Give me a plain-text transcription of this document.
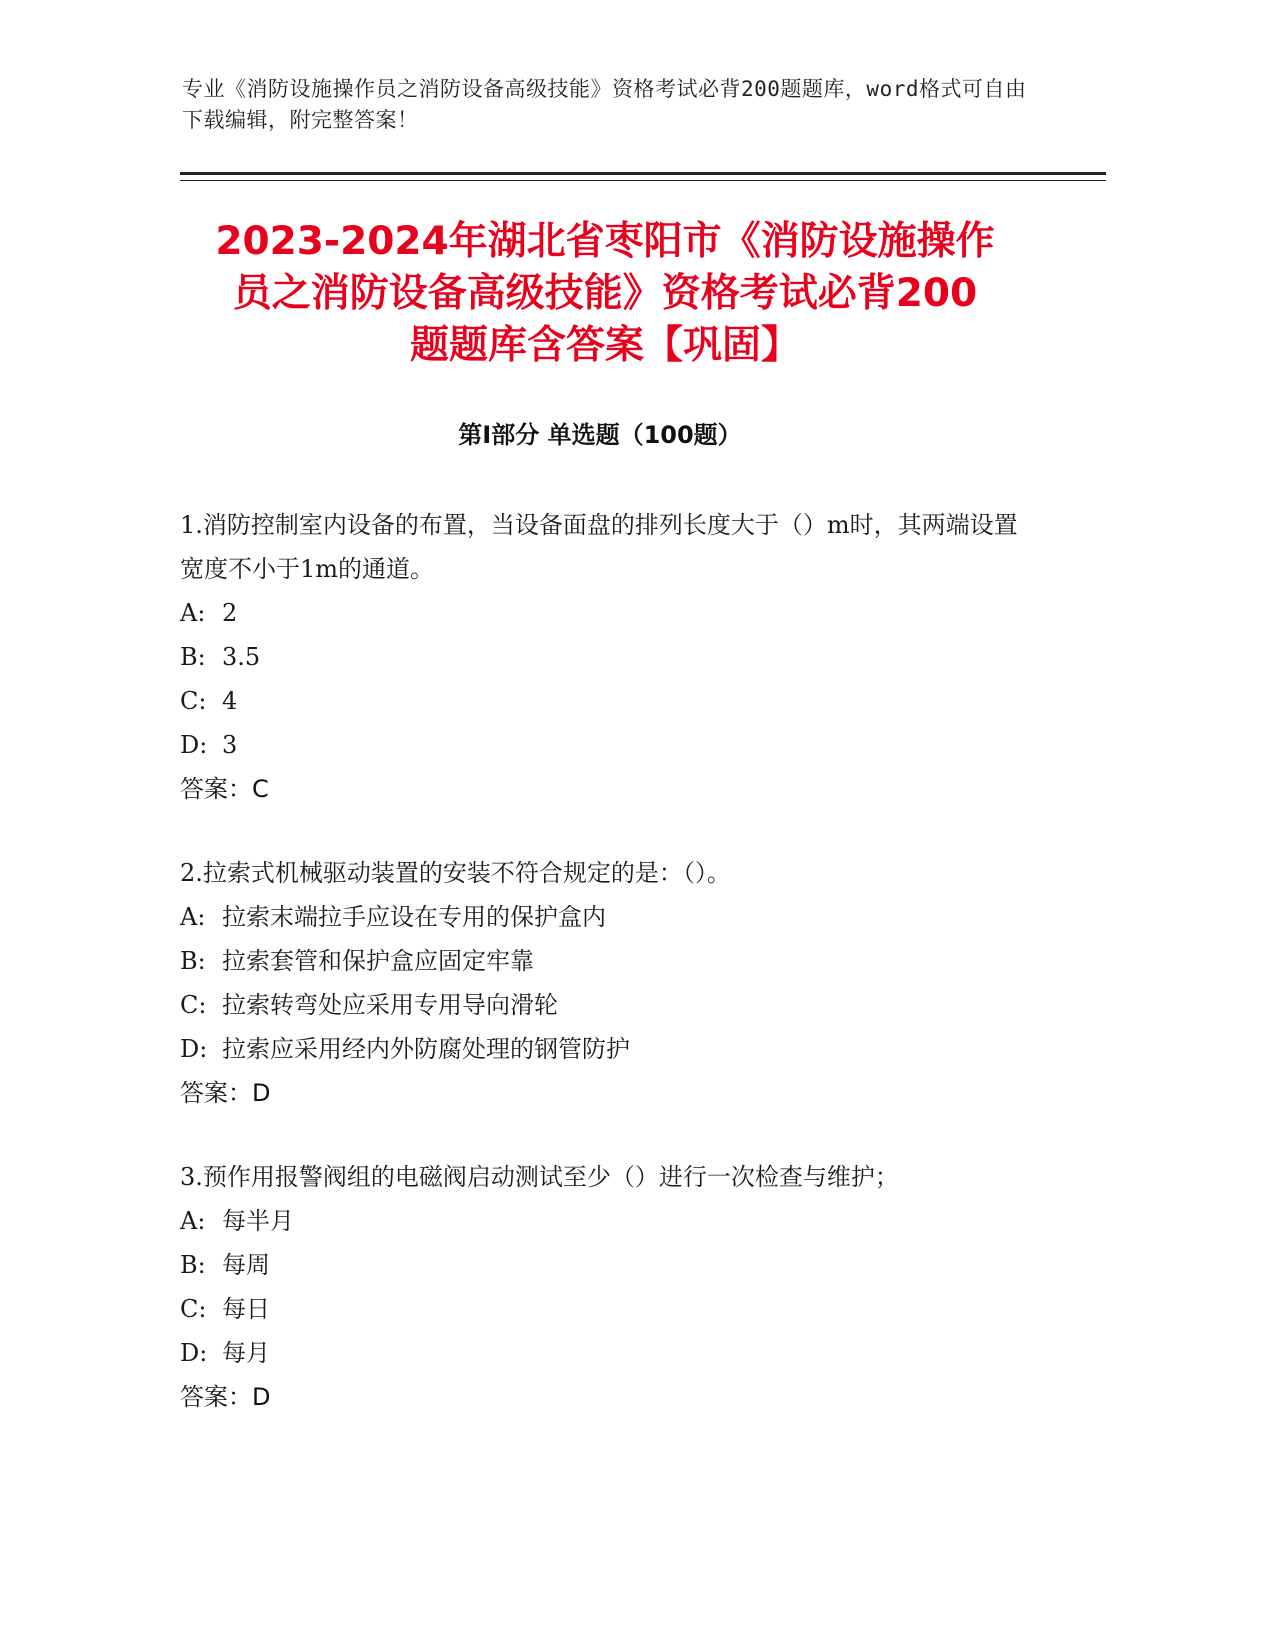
专业《消防设施操作员之消防设备高级技能》资格考试必背200题题库，word格式可自由下载编辑，附完整答案！
2023-2024年湖北省枣阳市《消防设施操作
员之消防设备高级技能》资格考试必背200
题题库含答案【巩固】
第Ⅰ部分 单选题（100题）

1.消防控制室内设备的布置，当设备面盘的排列长度大于（）m时，其两端设置宽度不小于1m的通道。

A: 2

B: 3.5

C: 4

D: 3

答案：C

2.拉索式机械驱动装置的安装不符合规定的是：（）。

A: 拉索末端拉手应设在专用的保护盒内

B: 拉索套管和保护盒应固定牢靠

C: 拉索转弯处应采用专用导向滑轮

D: 拉索应采用经内外防腐处理的钢管防护

答案：D

3.预作用报警阀组的电磁阀启动测试至少（）进行一次检查与维护；

A: 每半月

B: 每周

C: 每日

D: 每月

答案：D
